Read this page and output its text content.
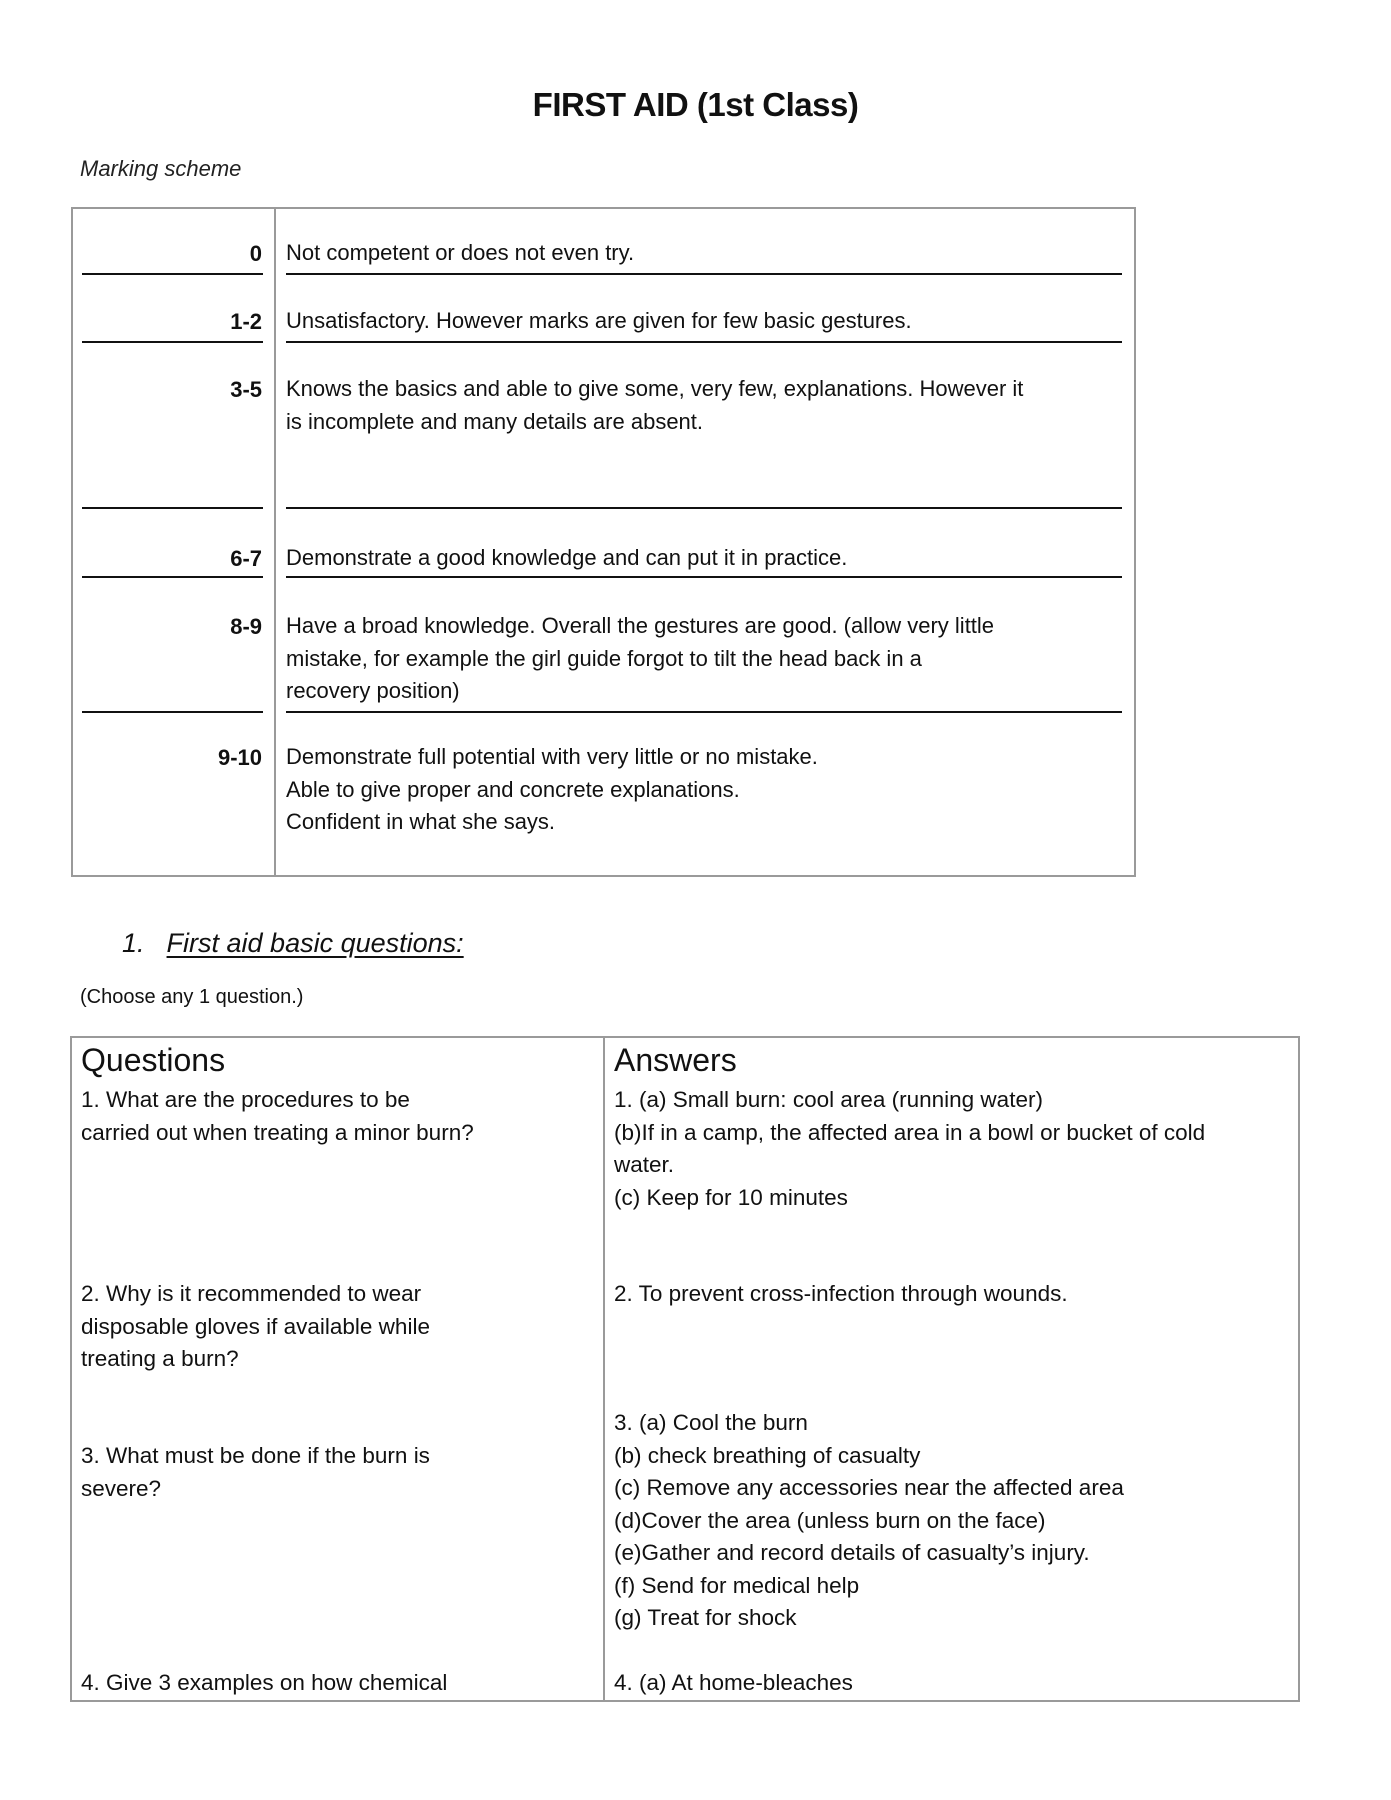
FIRST AID (1st Class)
Marking scheme
0 Not competent or does not even try.
1-2 Unsatisfactory. However marks are given for few basic gestures.
3-5 Knows the basics and able to give some, very few, explanations. However it
is incomplete and many details are absent.
6-7 Demonstrate a good knowledge and can put it in practice.
8-9 Have a broad knowledge. Overall the gestures are good. (allow very little
mistake, for example the girl guide forgot to tilt the head back in a
recovery position)
9-10 Demonstrate full potential with very little or no mistake.
Able to give proper and concrete explanations.
Confident in what she says.
1. First aid basic questions:
(Choose any 1 question.)
Questions	Answers
1. What are the procedures to be
carried out when treating a minor burn?
1. (a) Small burn: cool area (running water)
(b)If in a camp, the affected area in a bowl or bucket of cold
water.
(c) Keep for 10 minutes
2. Why is it recommended to wear
disposable gloves if available while
treating a burn?
2. To prevent cross-infection through wounds.
3. What must be done if the burn is
severe?
3. (a) Cool the burn
(b) check breathing of casualty
(c) Remove any accessories near the affected area
(d)Cover the area (unless burn on the face)
(e)Gather and record details of casualty’s injury.
(f) Send for medical help
(g) Treat for shock
4. Give 3 examples on how chemical	4. (a) At home-bleaches
